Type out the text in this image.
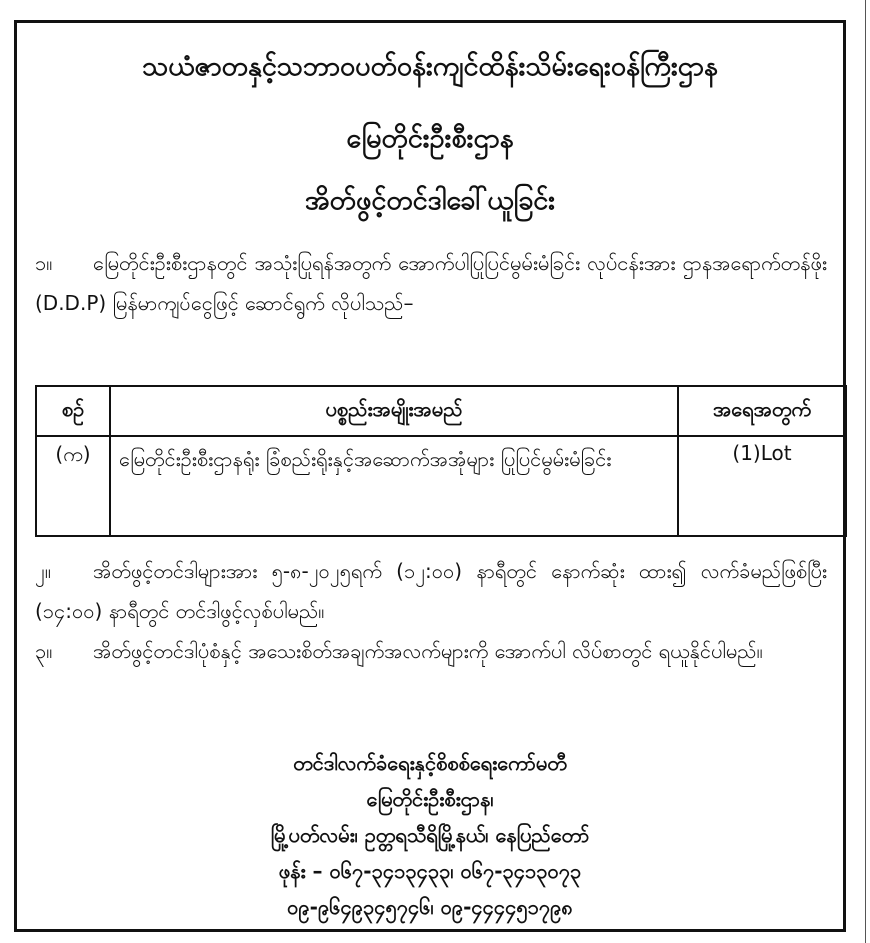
သယံဇာတနှင့်သဘာဝပတ်ဝန်းကျင်ထိန်းသိမ်းရေးဝန်ကြီးဌာန
မြေတိုင်းဦးစီးဌာန
အိတ်ဖွင့်တင်ဒါခေါ်ယူခြင်း
၁။ မြေတိုင်းဦးစီးဌာနတွင် အသုံးပြုရန်အတွက် အောက်ပါပြုပြင်မွမ်းမံခြင်း လုပ်ငန်းအား ဌာနအရောက်တန်ဖိုး (D.D.P) မြန်မာကျပ်ငွေဖြင့် ဆောင်ရွက် လိုပါသည်–
စဉ်	ပစ္စည်းအမျိုးအမည်	အရေအတွက်
(က)	မြေတိုင်းဦးစီးဌာနရုံး ခြံစည်းရိုးနှင့်အဆောက်အအုံများ ပြုပြင်မွမ်းမံခြင်း	(1)Lot
၂။ အိတ်ဖွင့်တင်ဒါများအား ၅-၈-၂၀၂၅ရက် (၁၂:၀၀) နာရီတွင် နောက်ဆုံး ထား၍ လက်ခံမည်ဖြစ်ပြီး (၁၄:၀၀) နာရီတွင် တင်ဒါဖွင့်လှစ်ပါမည်။
၃။ အိတ်ဖွင့်တင်ဒါပုံစံနှင့် အသေးစိတ်အချက်အလက်များကို အောက်ပါ လိပ်စာတွင် ရယူနိုင်ပါမည်။
တင်ဒါလက်ခံရေးနှင့်စိစစ်ရေးကော်မတီ
မြေတိုင်းဦးစီးဌာန၊
မြို့ပတ်လမ်း၊ ဥတ္တရသီရိမြို့နယ်၊ နေပြည်တော်
ဖုန်း – ၀၆၇-၃၄၁၃၄၃၃၊ ၀၆၇-၃၄၁၃၀၇၃
၀၉-၉၆၄၉၃၄၅၇၄၆၊ ၀၉-၄၄၄၄၅၁၇၉၈
